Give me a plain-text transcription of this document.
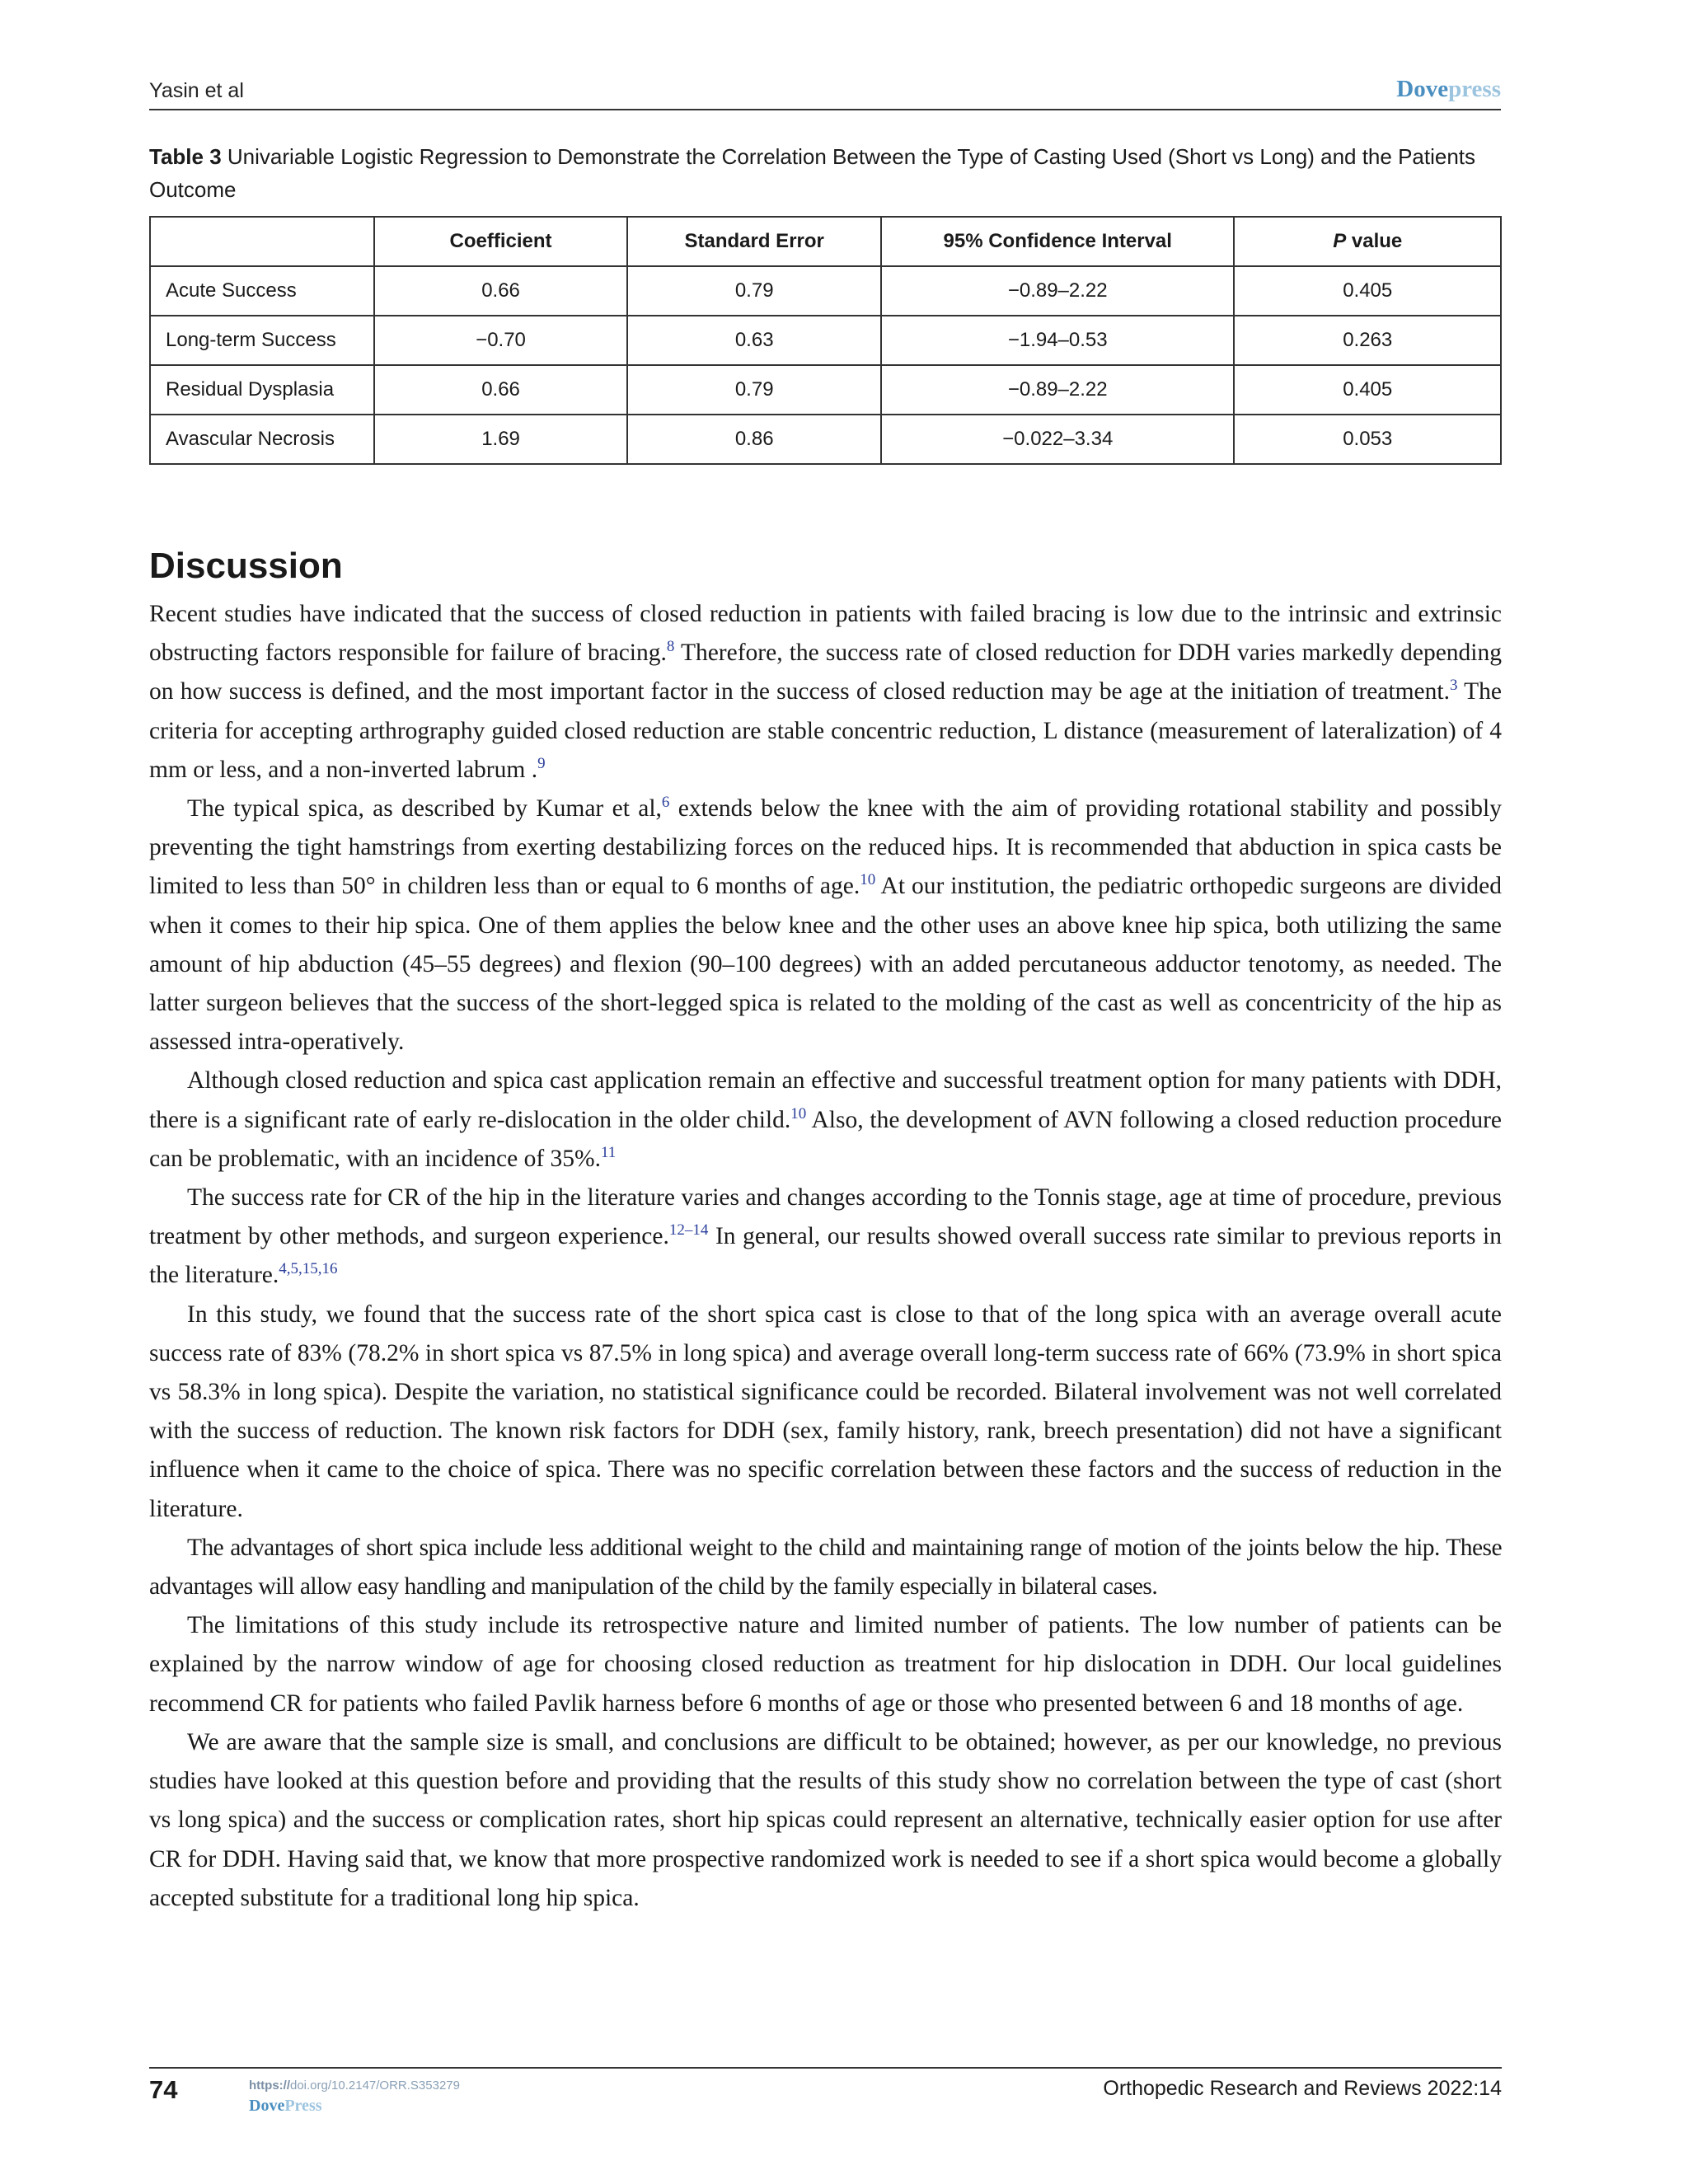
Yasin et al	Dovepress
Table 3 Univariable Logistic Regression to Demonstrate the Correlation Between the Type of Casting Used (Short vs Long) and the Patients Outcome
	Coefficient	Standard Error	95% Confidence Interval	P value
Acute Success	0.66	0.79	−0.89–2.22	0.405
Long-term Success	−0.70	0.63	−1.94–0.53	0.263
Residual Dysplasia	0.66	0.79	−0.89–2.22	0.405
Avascular Necrosis	1.69	0.86	−0.022–3.34	0.053
Discussion

Recent studies have indicated that the success of closed reduction in patients with failed bracing is low due to the intrinsic and extrinsic obstructing factors responsible for failure of bracing.$^8$ Therefore, the success rate of closed reduction for DDH varies markedly depending on how success is defined, and the most important factor in the success of closed reduction may be age at the initiation of treatment.$^3$ The criteria for accepting arthrography guided closed reduction are stable concentric reduction, L distance (measurement of lateralization) of 4 mm or less, and a non-inverted labrum .$^9$

The typical spica, as described by Kumar et al,$^6$ extends below the knee with the aim of providing rotational stability and possibly preventing the tight hamstrings from exerting destabilizing forces on the reduced hips. It is recommended that abduction in spica casts be limited to less than 50° in children less than or equal to 6 months of age.$^{10}$ At our institution, the pediatric orthopedic surgeons are divided when it comes to their hip spica. One of them applies the below knee and the other uses an above knee hip spica, both utilizing the same amount of hip abduction (45–55 degrees) and flexion (90–100 degrees) with an added percutaneous adductor tenotomy, as needed. The latter surgeon believes that the success of the short-legged spica is related to the molding of the cast as well as concentricity of the hip as assessed intra-operatively.

Although closed reduction and spica cast application remain an effective and successful treatment option for many patients with DDH, there is a significant rate of early re-dislocation in the older child.$^{10}$ Also, the development of AVN following a closed reduction procedure can be problematic, with an incidence of 35%.$^{11}$

The success rate for CR of the hip in the literature varies and changes according to the Tonnis stage, age at time of procedure, previous treatment by other methods, and surgeon experience.$^{12-14}$ In general, our results showed overall success rate similar to previous reports in the literature.$^{4,5,15,16}$

In this study, we found that the success rate of the short spica cast is close to that of the long spica with an average overall acute success rate of 83% (78.2% in short spica vs 87.5% in long spica) and average overall long-term success rate of 66% (73.9% in short spica vs 58.3% in long spica). Despite the variation, no statistical significance could be recorded. Bilateral involvement was not well correlated with the success of reduction. The known risk factors for DDH (sex, family history, rank, breech presentation) did not have a significant influence when it came to the choice of spica. There was no specific correlation between these factors and the success of reduction in the literature.

The advantages of short spica include less additional weight to the child and maintaining range of motion of the joints below the hip. These advantages will allow easy handling and manipulation of the child by the family especially in bilateral cases.

The limitations of this study include its retrospective nature and limited number of patients. The low number of patients can be explained by the narrow window of age for choosing closed reduction as treatment for hip dislocation in DDH. Our local guidelines recommend CR for patients who failed Pavlik harness before 6 months of age or those who presented between 6 and 18 months of age.

We are aware that the sample size is small, and conclusions are difficult to be obtained; however, as per our knowledge, no previous studies have looked at this question before and providing that the results of this study show no correlation between the type of cast (short vs long spica) and the success or complication rates, short hip spicas could represent an alternative, technically easier option for use after CR for DDH. Having said that, we know that more prospective randomized work is needed to see if a short spica would become a globally accepted substitute for a traditional long hip spica.

74	https://doi.org/10.2147/ORR.S353279
DovePress
Orthopedic Research and Reviews 2022:14
